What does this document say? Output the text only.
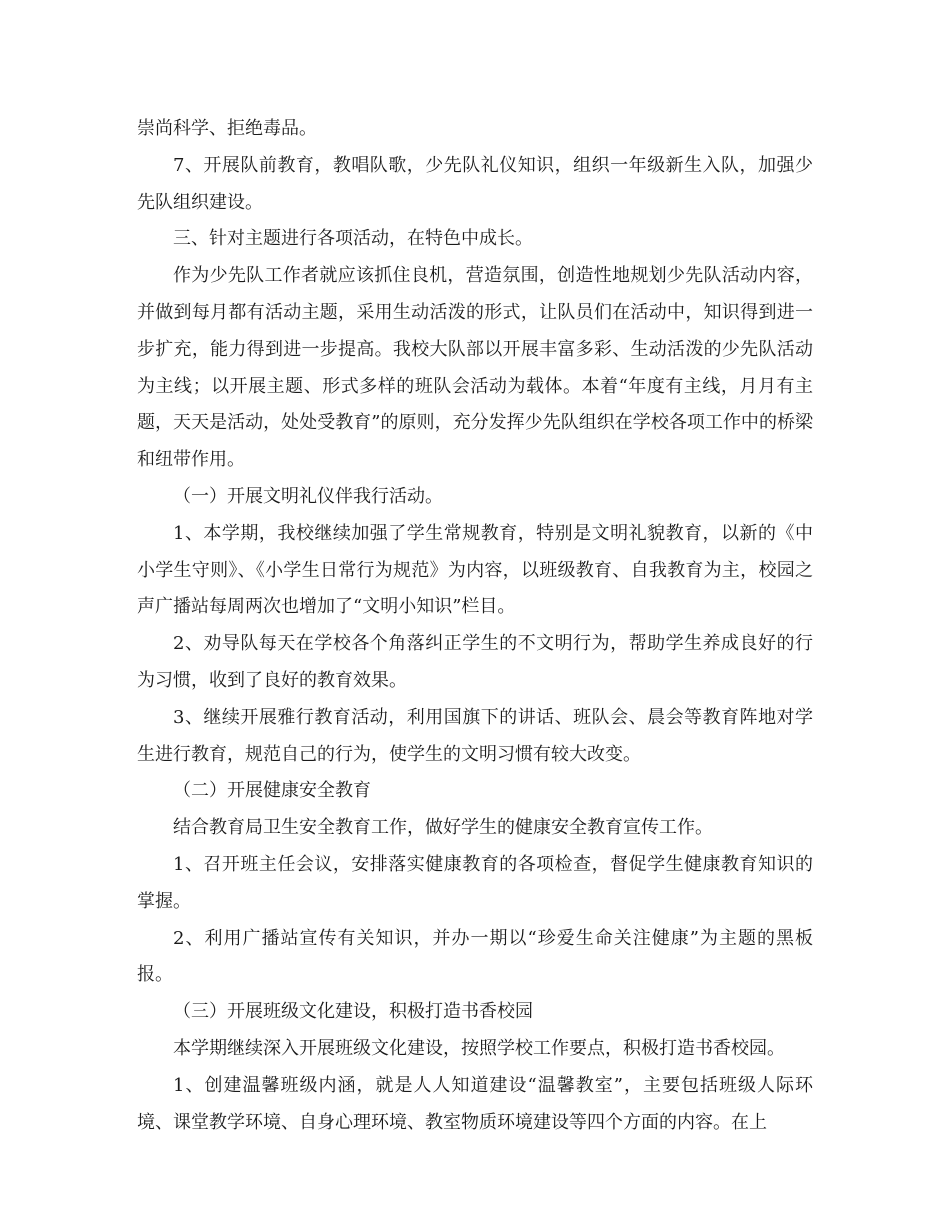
崇尚科学、拒绝毒品。

7、开展队前教育，教唱队歌，少先队礼仪知识，组织一年级新生入队，加强少先队组织建设。

三、针对主题进行各项活动，在特色中成长。

作为少先队工作者就应该抓住良机，营造氛围，创造性地规划少先队活动内容，并做到每月都有活动主题，采用生动活泼的形式，让队员们在活动中，知识得到进一步扩充，能力得到进一步提高。我校大队部以开展丰富多彩、生动活泼的少先队活动为主线；以开展主题、形式多样的班队会活动为载体。本着“年度有主线，月月有主题，天天是活动，处处受教育”的原则，充分发挥少先队组织在学校各项工作中的桥梁和纽带作用。

（一）开展文明礼仪伴我行活动。

1、本学期，我校继续加强了学生常规教育，特别是文明礼貌教育，以新的《中小学生守则》、《小学生日常行为规范》为内容，以班级教育、自我教育为主，校园之声广播站每周两次也增加了“文明小知识”栏目。

2、劝导队每天在学校各个角落纠正学生的不文明行为，帮助学生养成良好的行为习惯，收到了良好的教育效果。

3、继续开展雅行教育活动，利用国旗下的讲话、班队会、晨会等教育阵地对学生进行教育，规范自己的行为，使学生的文明习惯有较大改变。

（二）开展健康安全教育

结合教育局卫生安全教育工作，做好学生的健康安全教育宣传工作。

1、召开班主任会议，安排落实健康教育的各项检查，督促学生健康教育知识的掌握。

2、利用广播站宣传有关知识，并办一期以“珍爱生命关注健康”为主题的黑板报。

（三）开展班级文化建设，积极打造书香校园

本学期继续深入开展班级文化建设，按照学校工作要点，积极打造书香校园。

1、创建温馨班级内涵，就是人人知道建设“温馨教室”，主要包括班级人际环境、课堂教学环境、自身心理环境、教室物质环境建设等四个方面的内容。在上
